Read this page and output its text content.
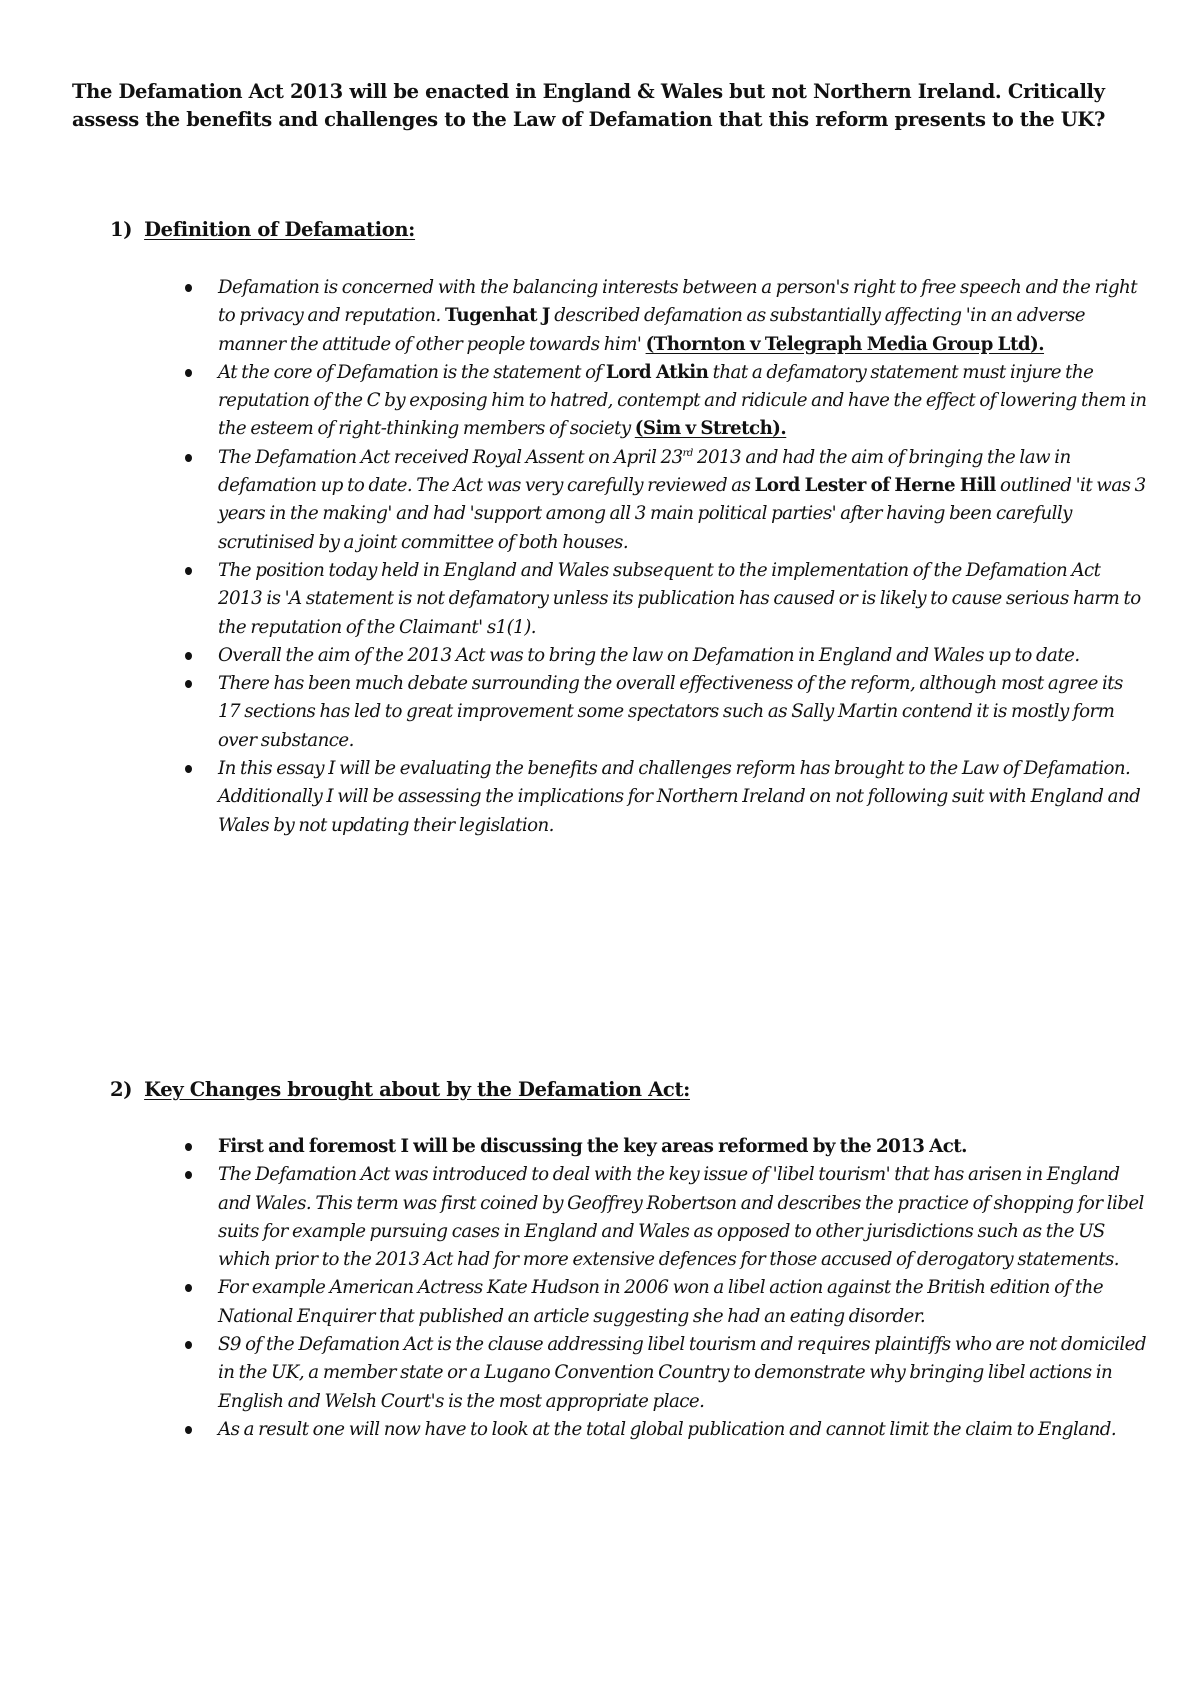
The Defamation Act 2013 will be enacted in England & Wales but not Northern Ireland. Critically assess the benefits and challenges to the Law of Defamation that this reform presents to the UK?

1) Definition of Defamation:
Defamation is concerned with the balancing interests between a person's right to free speech and the right to privacy and reputation. Tugenhat J described defamation as substantially affecting 'in an adverse manner the attitude of other people towards him' (Thornton v Telegraph Media Group Ltd).
At the core of Defamation is the statement of Lord Atkin that a defamatory statement must injure the reputation of the C by exposing him to hatred, contempt and ridicule and have the effect of lowering them in the esteem of right-thinking members of society (Sim v Stretch).
The Defamation Act received Royal Assent on April 23rd 2013 and had the aim of bringing the law in defamation up to date. The Act was very carefully reviewed as Lord Lester of Herne Hill outlined 'it was 3 years in the making' and had 'support among all 3 main political parties' after having been carefully scrutinised by a joint committee of both houses.
The position today held in England and Wales subsequent to the implementation of the Defamation Act 2013 is 'A statement is not defamatory unless its publication has caused or is likely to cause serious harm to the reputation of the Claimant' s1(1).
Overall the aim of the 2013 Act was to bring the law on Defamation in England and Wales up to date.
There has been much debate surrounding the overall effectiveness of the reform, although most agree its 17 sections has led to great improvement some spectators such as Sally Martin contend it is mostly form over substance.
In this essay I will be evaluating the benefits and challenges reform has brought to the Law of Defamation. Additionally I will be assessing the implications for Northern Ireland on not following suit with England and Wales by not updating their legislation.
2) Key Changes brought about by the Defamation Act:
First and foremost I will be discussing the key areas reformed by the 2013 Act.
The Defamation Act was introduced to deal with the key issue of 'libel tourism' that has arisen in England and Wales. This term was first coined by Geoffrey Robertson and describes the practice of shopping for libel suits for example pursuing cases in England and Wales as opposed to other jurisdictions such as the US which prior to the 2013 Act had for more extensive defences for those accused of derogatory statements.
For example American Actress Kate Hudson in 2006 won a libel action against the British edition of the National Enquirer that published an article suggesting she had an eating disorder.
S9 of the Defamation Act is the clause addressing libel tourism and requires plaintiffs who are not domiciled in the UK, a member state or a Lugano Convention Country to demonstrate why bringing libel actions in English and Welsh Court's is the most appropriate place.
As a result one will now have to look at the total global publication and cannot limit the claim to England.
